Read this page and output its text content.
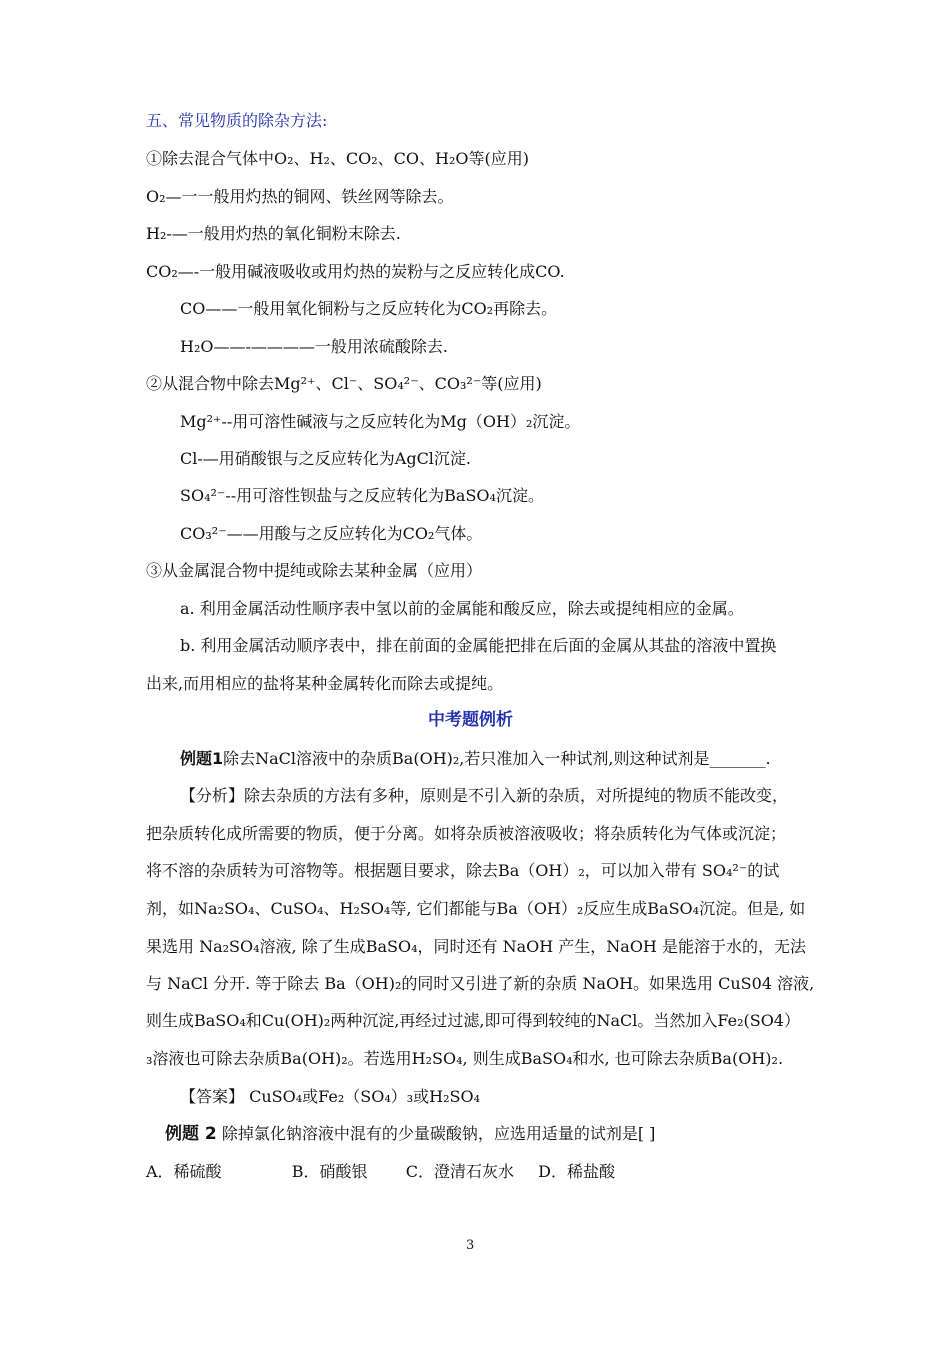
五、常见物质的除杂方法:
①除去混合气体中O₂、H₂、CO₂、CO、H₂O等(应用)
O₂—一一般用灼热的铜网、铁丝网等除去。
H₂-—一般用灼热的氧化铜粉末除去.
CO₂—-一般用碱液吸收或用灼热的炭粉与之反应转化成CO.
CO——一般用氧化铜粉与之反应转化为CO₂再除去。
H₂O——-————一般用浓硫酸除去.
②从混合物中除去Mg²⁺、Cl⁻、SO₄²⁻、CO₃²⁻等(应用)
Mg²⁺--用可溶性碱液与之反应转化为Mg（OH）₂沉淀。
Cl-—用硝酸银与之反应转化为AgCl沉淀.
SO₄²⁻--用可溶性钡盐与之反应转化为BaSO₄沉淀。
CO₃²⁻——用酸与之反应转化为CO₂气体。
③从金属混合物中提纯或除去某种金属（应用）
a. 利用金属活动性顺序表中氢以前的金属能和酸反应，除去或提纯相应的金属。
b. 利用金属活动顺序表中，排在前面的金属能把排在后面的金属从其盐的溶液中置换
出来,而用相应的盐将某种金属转化而除去或提纯。
中考题例析
例题1除去NaCl溶液中的杂质Ba(OH)₂,若只准加入一种试剂,则这种试剂是_______.
【分析】除去杂质的方法有多种，原则是不引入新的杂质，对所提纯的物质不能改变，
把杂质转化成所需要的物质，便于分离。如将杂质被溶液吸收；将杂质转化为气体或沉淀；
将不溶的杂质转为可溶物等。根据题目要求，除去Ba（OH）₂，可以加入带有 SO₄²⁻的试
剂，如Na₂SO₄、CuSO₄、H₂SO₄等, 它们都能与Ba（OH）₂反应生成BaSO₄沉淀。但是, 如
果选用 Na₂SO₄溶液, 除了生成BaSO₄，同时还有 NaOH 产生，NaOH 是能溶于水的，无法
与 NaCl 分开. 等于除去 Ba（OH)₂的同时又引进了新的杂质 NaOH。如果选用 CuS04 溶液,
则生成BaSO₄和Cu(OH)₂两种沉淀,再经过过滤,即可得到较纯的NaCl。当然加入Fe₂(SO4）
₃溶液也可除去杂质Ba(OH)₂。若选用H₂SO₄, 则生成BaSO₄和水, 也可除去杂质Ba(OH)₂.
【答案】 CuSO₄或Fe₂（SO₄）₃或H₂SO₄
例题 2 除掉氯化钠溶液中混有的少量碳酸钠，应选用适量的试剂是[ ]
A．稀硫酸	B．硝酸银 C．澄清石灰水 D．稀盐酸
3
